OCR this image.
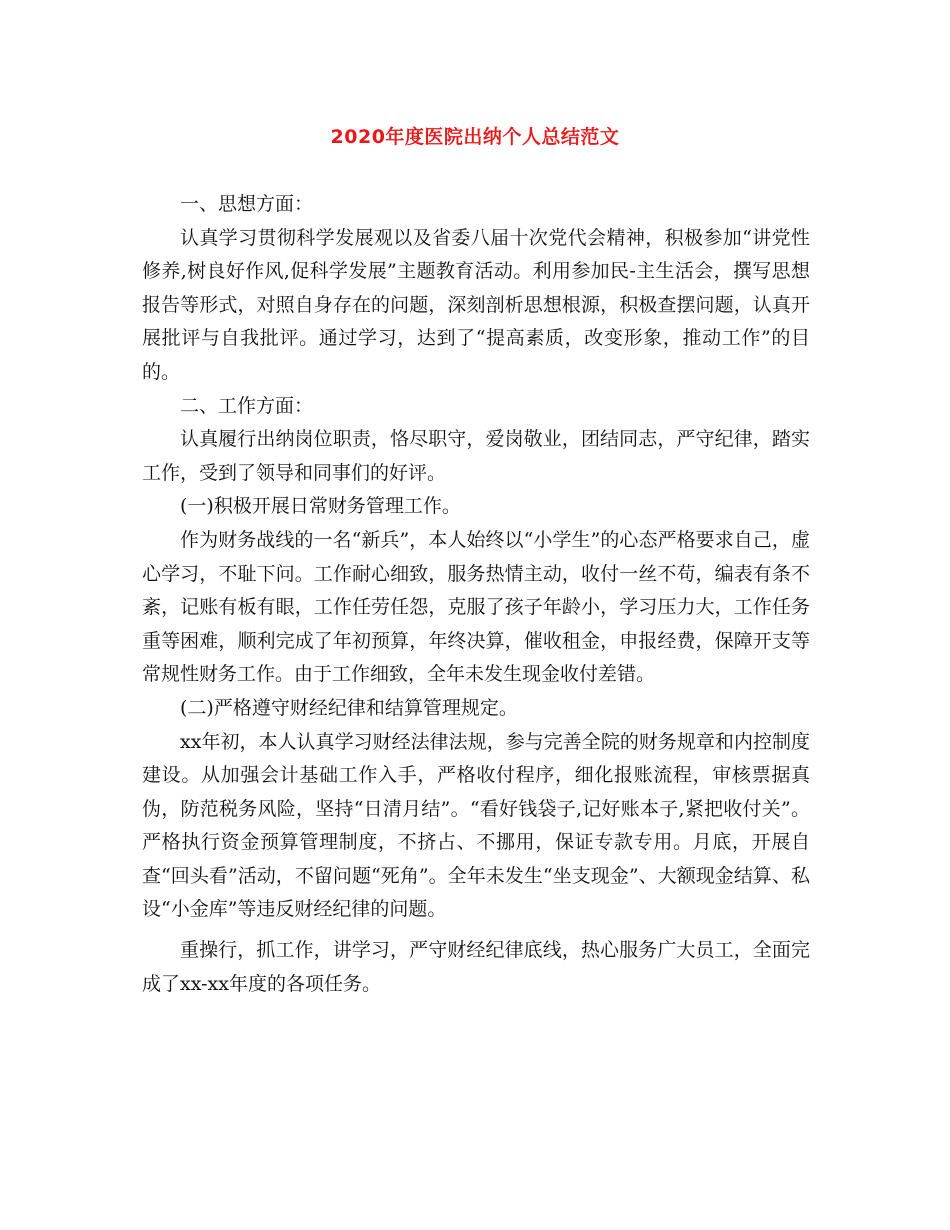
2020年度医院出纳个人总结范文

一、思想方面：

认真学习贯彻科学发展观以及省委八届十次党代会精神，积极参加“讲党性修养,树良好作风,促科学发展”主题教育活动。利用参加民-主生活会，撰写思想报告等形式，对照自身存在的问题，深刻剖析思想根源，积极查摆问题，认真开展批评与自我批评。通过学习，达到了“提高素质，改变形象，推动工作”的目的。

二、工作方面：

认真履行出纳岗位职责，恪尽职守，爱岗敬业，团结同志，严守纪律，踏实工作，受到了领导和同事们的好评。

(一)积极开展日常财务管理工作。

作为财务战线的一名“新兵”，本人始终以“小学生”的心态严格要求自己，虚心学习，不耻下问。工作耐心细致，服务热情主动，收付一丝不苟，编表有条不紊，记账有板有眼，工作任劳任怨，克服了孩子年龄小，学习压力大，工作任务重等困难，顺利完成了年初预算，年终决算，催收租金，申报经费，保障开支等常规性财务工作。由于工作细致，全年未发生现金收付差错。

(二)严格遵守财经纪律和结算管理规定。

xx年初，本人认真学习财经法律法规，参与完善全院的财务规章和内控制度建设。从加强会计基础工作入手，严格收付程序，细化报账流程，审核票据真伪，防范税务风险，坚持“日清月结”。“看好钱袋子,记好账本子,紧把收付关”。严格执行资金预算管理制度，不挤占、不挪用，保证专款专用。月底，开展自查“回头看”活动，不留问题“死角”。全年未发生“坐支现金”、大额现金结算、私设“小金库”等违反财经纪律的问题。

重操行，抓工作，讲学习，严守财经纪律底线，热心服务广大员工，全面完成了xx-xx年度的各项任务。
